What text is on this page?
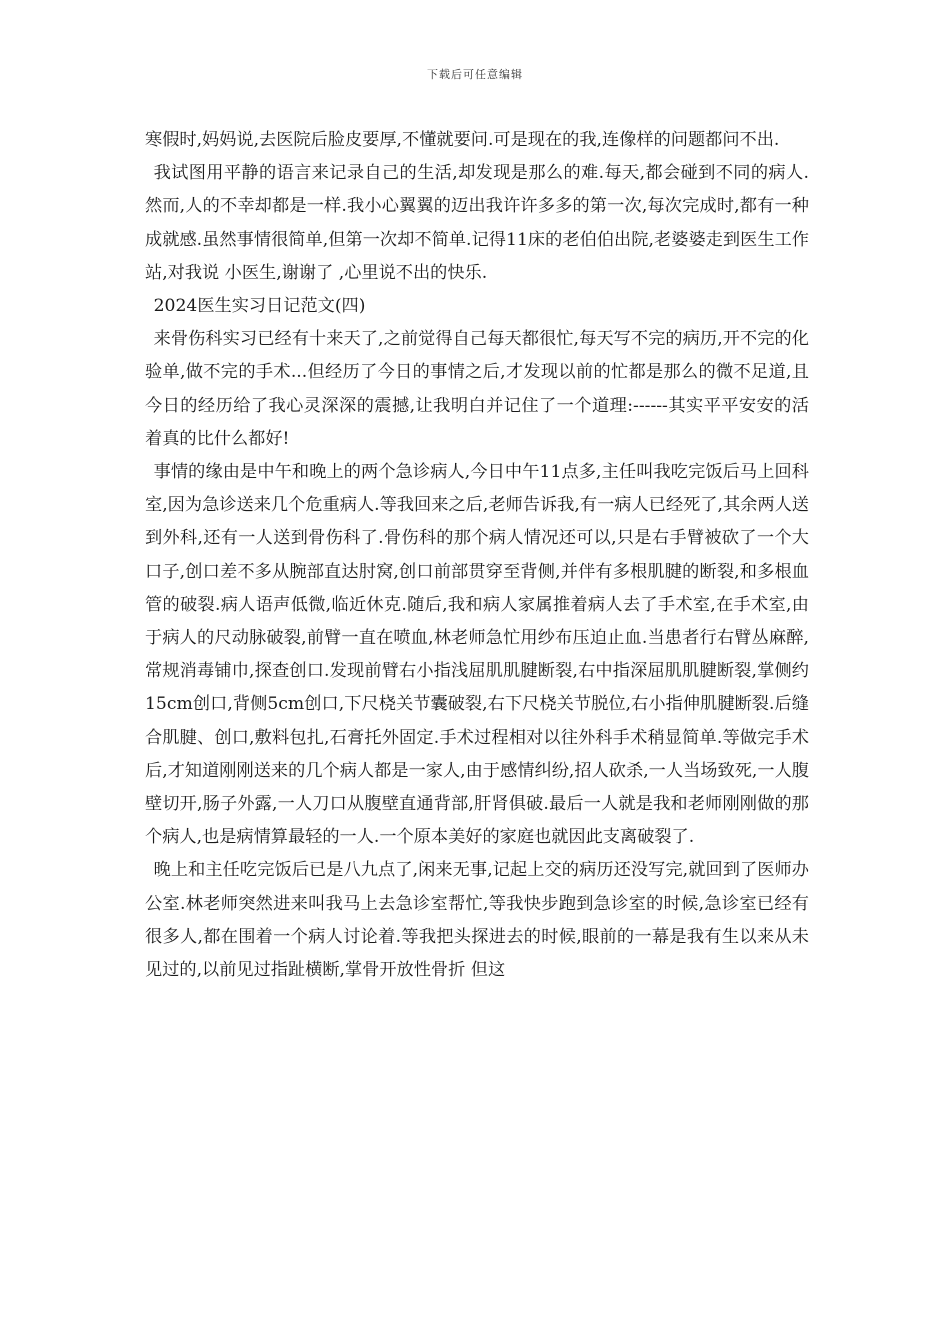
下载后可任意编辑

寒假时,妈妈说,去医院后脸皮要厚,不懂就要问.可是现在的我,连像样的问题都问不出.

我试图用平静的语言来记录自己的生活,却发现是那么的难.每天,都会碰到不同的病人.然而,人的不幸却都是一样.我小心翼翼的迈出我许许多多的第一次,每次完成时,都有一种成就感.虽然事情很简单,但第一次却不简单.记得11床的老伯伯出院,老婆婆走到医生工作站,对我说 小医生,谢谢了 ,心里说不出的快乐.

2024医生实习日记范文(四)

来骨伤科实习已经有十来天了,之前觉得自己每天都很忙,每天写不完的病历,开不完的化验单,做不完的手术...但经历了今日的事情之后,才发现以前的忙都是那么的微不足道,且今日的经历给了我心灵深深的震撼,让我明白并记住了一个道理:------其实平平安安的活着真的比什么都好!

事情的缘由是中午和晚上的两个急诊病人,今日中午11点多,主任叫我吃完饭后马上回科室,因为急诊送来几个危重病人.等我回来之后,老师告诉我,有一病人已经死了,其余两人送到外科,还有一人送到骨伤科了.骨伤科的那个病人情况还可以,只是右手臂被砍了一个大口子,创口差不多从腕部直达肘窝,创口前部贯穿至背侧,并伴有多根肌腱的断裂,和多根血管的破裂.病人语声低微,临近休克.随后,我和病人家属推着病人去了手术室,在手术室,由于病人的尺动脉破裂,前臂一直在喷血,林老师急忙用纱布压迫止血.当患者行右臂丛麻醉,常规消毒铺巾,探查创口.发现前臂右小指浅屈肌肌腱断裂,右中指深屈肌肌腱断裂,掌侧约15cm创口,背侧5cm创口,下尺桡关节囊破裂,右下尺桡关节脱位,右小指伸肌腱断裂.后缝合肌腱、创口,敷料包扎,石膏托外固定.手术过程相对以往外科手术稍显简单.等做完手术后,才知道刚刚送来的几个病人都是一家人,由于感情纠纷,招人砍杀,一人当场致死,一人腹壁切开,肠子外露,一人刀口从腹壁直通背部,肝肾俱破.最后一人就是我和老师刚刚做的那个病人,也是病情算最轻的一人.一个原本美好的家庭也就因此支离破裂了.

晚上和主任吃完饭后已是八九点了,闲来无事,记起上交的病历还没写完,就回到了医师办公室.林老师突然进来叫我马上去急诊室帮忙,等我快步跑到急诊室的时候,急诊室已经有很多人,都在围着一个病人讨论着.等我把头探进去的时候,眼前的一幕是我有生以来从未见过的,以前见过指趾横断,掌骨开放性骨折 但这
